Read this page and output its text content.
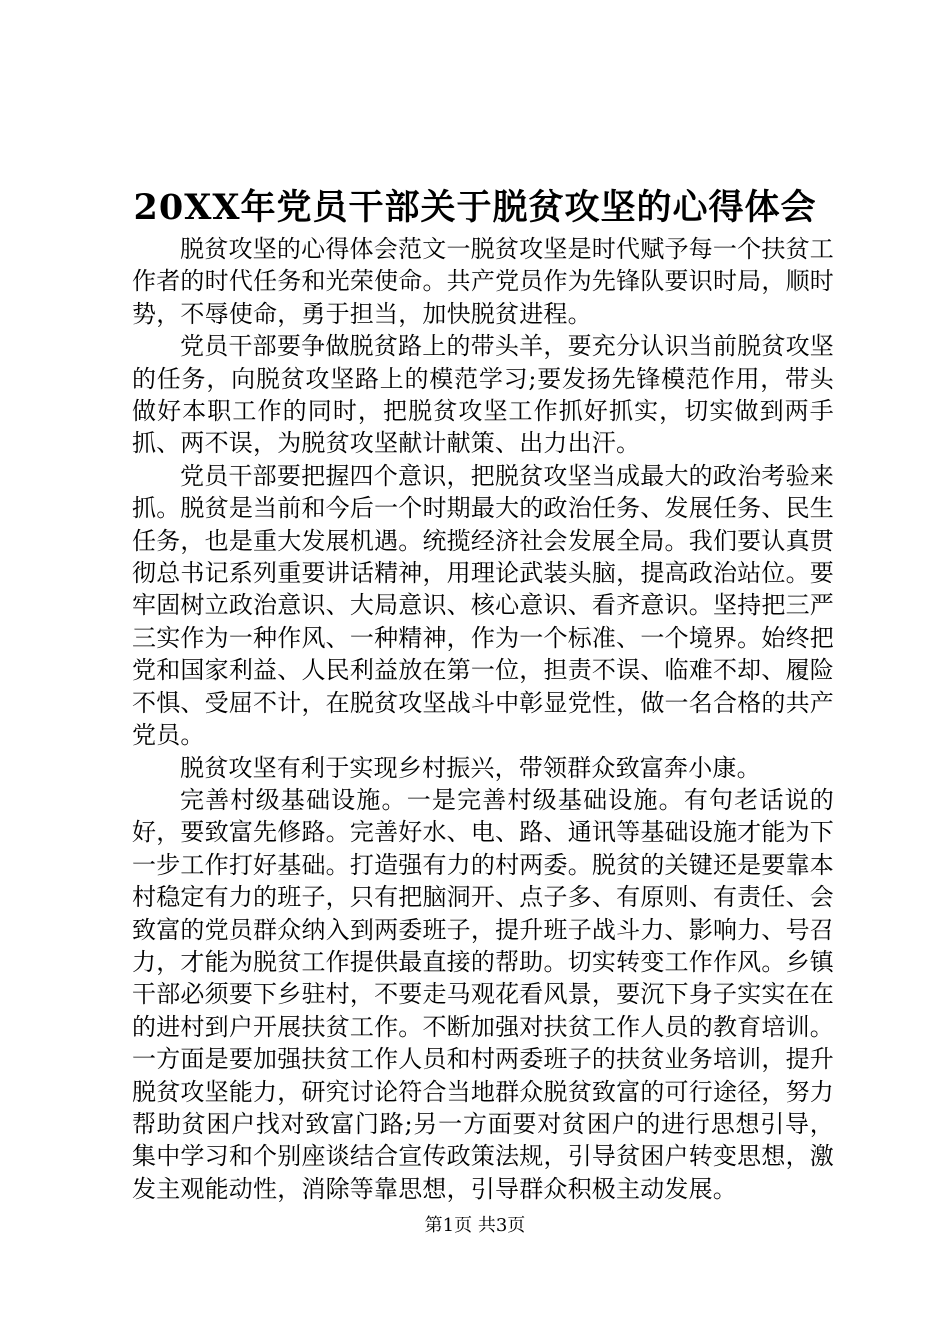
20XX年党员干部关于脱贫攻坚的心得体会

脱贫攻坚的心得体会范文一脱贫攻坚是时代赋予每一个扶贫工作者的时代任务和光荣使命。共产党员作为先锋队要识时局，顺时势，不辱使命，勇于担当，加快脱贫进程。

党员干部要争做脱贫路上的带头羊，要充分认识当前脱贫攻坚的任务，向脱贫攻坚路上的模范学习;要发扬先锋模范作用，带头做好本职工作的同时，把脱贫攻坚工作抓好抓实，切实做到两手抓、两不误，为脱贫攻坚献计献策、出力出汗。

党员干部要把握四个意识，把脱贫攻坚当成最大的政治考验来抓。脱贫是当前和今后一个时期最大的政治任务、发展任务、民生任务，也是重大发展机遇。统揽经济社会发展全局。我们要认真贯彻总书记系列重要讲话精神，用理论武装头脑，提高政治站位。要牢固树立政治意识、大局意识、核心意识、看齐意识。坚持把三严三实作为一种作风、一种精神，作为一个标准、一个境界。始终把党和国家利益、人民利益放在第一位，担责不误、临难不却、履险不惧、受屈不计，在脱贫攻坚战斗中彰显党性，做一名合格的共产党员。

脱贫攻坚有利于实现乡村振兴，带领群众致富奔小康。

完善村级基础设施。一是完善村级基础设施。有句老话说的好，要致富先修路。完善好水、电、路、通讯等基础设施才能为下一步工作打好基础。打造强有力的村两委。脱贫的关键还是要靠本村稳定有力的班子，只有把脑洞开、点子多、有原则、有责任、会致富的党员群众纳入到两委班子，提升班子战斗力、影响力、号召力，才能为脱贫工作提供最直接的帮助。切实转变工作作风。乡镇干部必须要下乡驻村，不要走马观花看风景，要沉下身子实实在在的进村到户开展扶贫工作。不断加强对扶贫工作人员的教育培训。一方面是要加强扶贫工作人员和村两委班子的扶贫业务培训，提升脱贫攻坚能力，研究讨论符合当地群众脱贫致富的可行途径，努力帮助贫困户找对致富门路;另一方面要对贫困户的进行思想引导，集中学习和个别座谈结合宣传政策法规，引导贫困户转变思想，激发主观能动性，消除等靠思想，引导群众积极主动发展。

第1页 共3页
